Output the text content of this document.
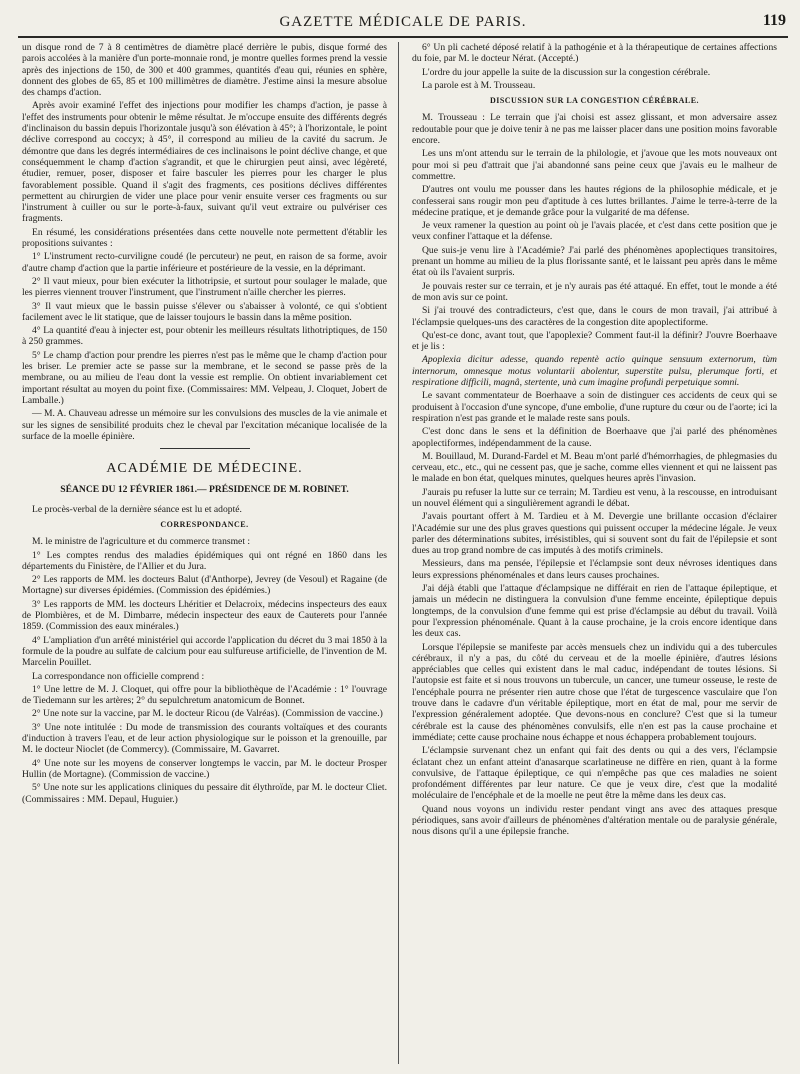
GAZETTE MÉDICALE DE PARIS.	119

un disque rond de 7 à 8 centimètres de diamètre placé derrière le pubis, disque formé des parois accolées à la manière d'un porte-monnaie rond, je montre quelles formes prend la vessie après des injections de 150, de 300 et 400 grammes, quantités d'eau qui, réunies en sphère, donnent des globes de 65, 85 et 100 millimètres de diamètre. J'estime ainsi la mesure absolue des champs d'action.

Après avoir examiné l'effet des injections pour modifier les champs d'action, je passe à l'effet des instruments pour obtenir le même résultat. Je m'occupe ensuite des différents degrés d'inclinaison du bassin depuis l'horizontale jusqu'à son élévation à 45°; à l'horizontale, le point déclive correspond au coccyx; à 45°, il correspond au milieu de la cavité du sacrum. Je démontre que dans les degrés intermédiaires de ces inclinaisons le point déclive change, et que conséquemment le champ d'action s'agrandit, et que le chirurgien peut ainsi, avec légèreté, étudier, remuer, poser, disposer et faire basculer les pierres pour les charger le plus favorablement possible. Quand il s'agit des fragments, ces positions déclives différentes permettent au chirurgien de vider une place pour venir ensuite verser ces fragments ou sur l'instrument à cuiller ou sur le porte-à-faux, suivant qu'il veut extraire ou pulvériser ces fragments.

En résumé, les considérations présentées dans cette nouvelle note permettent d'établir les propositions suivantes :

1° L'instrument recto-curviligne coudé (le percuteur) ne peut, en raison de sa forme, avoir d'autre champ d'action que la partie inférieure et postérieure de la vessie, en la déprimant.

2° Il vaut mieux, pour bien exécuter la lithotripsie, et surtout pour soulager le malade, que les pierres viennent trouver l'instrument, que l'instrument n'aille chercher les pierres.

3° Il vaut mieux que le bassin puisse s'élever ou s'abaisser à volonté, ce qui s'obtient facilement avec le lit statique, que de laisser toujours le bassin dans la même position.

4° La quantité d'eau à injecter est, pour obtenir les meilleurs résultats lithotriptiques, de 150 à 250 grammes.

5° Le champ d'action pour prendre les pierres n'est pas le même que le champ d'action pour les briser. Le premier acte se passe sur la membrane, et le second se passe près de la membrane, ou au milieu de l'eau dont la vessie est remplie. On obtient invariablement cet important résultat au moyen du point fixe. (Commissaires: MM. Velpeau, J. Cloquet, Jobert de Lamballe.)

— M. A. Chauveau adresse un mémoire sur les convulsions des muscles de la vie animale et sur les signes de sensibilité produits chez le cheval par l'excitation mécanique localisée de la surface de la moelle épinière.

ACADÉMIE DE MÉDECINE.
SÉANCE DU 12 FÉVRIER 1861.— PRÉSIDENCE DE M. ROBINET.

Le procès-verbal de la dernière séance est lu et adopté.

CORRESPONDANCE.

M. le ministre de l'agriculture et du commerce transmet :

1° Les comptes rendus des maladies épidémiques qui ont régné en 1860 dans les départements du Finistère, de l'Allier et du Jura.

2° Les rapports de MM. les docteurs Balut (d'Anthorpe), Jevrey (de Vesoul) et Ragaine (de Mortagne) sur diverses épidémies. (Commission des épidémies.)

3° Les rapports de MM. les docteurs Lhéritier et Delacroix, médecins inspecteurs des eaux de Plombières, et de M. Dimbarre, médecin inspecteur des eaux de Cauterets pour l'année 1859. (Commission des eaux minérales.)

4° L'ampliation d'un arrêté ministériel qui accorde l'application du décret du 3 mai 1850 à la formule de la poudre au sulfate de calcium pour eau sulfureuse artificielle, de l'invention de M. Marcelin Pouillet.

La correspondance non officielle comprend :

1° Une lettre de M. J. Cloquet, qui offre pour la bibliothèque de l'Académie : 1° l'ouvrage de Tiedemann sur les artères; 2° du sepulchretum anatomicum de Bonnet.

2° Une note sur la vaccine, par M. le docteur Ricou (de Valréas). (Commission de vaccine.)

3° Une note intitulée : Du mode de transmission des courants voltaïques et des courants d'induction à travers l'eau, et de leur action physiologique sur le poisson et la grenouille, par M. le docteur Nioclet (de Commercy). (Commissaire, M. Gavarret.

4° Une note sur les moyens de conserver longtemps le vaccin, par M. le docteur Prosper Hullin (de Mortagne). (Commission de vaccine.)

5° Une note sur les applications cliniques du pessaire dit élythroïde, par M. le docteur Cliet. (Commissaires : MM. Depaul, Huguier.)

6° Un pli cacheté déposé relatif à la pathogénie et à la thérapeutique de certaines affections du foie, par M. le docteur Nérat. (Accepté.)

L'ordre du jour appelle la suite de la discussion sur la congestion cérébrale.

La parole est à M. Trousseau.

DISCUSSION SUR LA CONGESTION CÉRÉBRALE.

M. Trousseau : Le terrain que j'ai choisi est assez glissant, et mon adversaire assez redoutable pour que je doive tenir à ne pas me laisser placer dans une position moins favorable encore.

Les uns m'ont attendu sur le terrain de la philologie, et j'avoue que les mots nouveaux ont pour moi si peu d'attrait que j'ai abandonné sans peine ceux que j'avais eu le malheur de commettre.

D'autres ont voulu me pousser dans les hautes régions de la philosophie médicale, et je confesserai sans rougir mon peu d'aptitude à ces luttes brillantes. J'aime le terre-à-terre de la médecine pratique, et je demande grâce pour la vulgarité de ma défense.

Je veux ramener la question au point où je l'avais placée, et c'est dans cette position que je veux confiner l'attaque et la défense.

Que suis-je venu lire à l'Académie? J'ai parlé des phénomènes apoplectiques transitoires, prenant un homme au milieu de la plus florissante santé, et le laissant peu après dans le même état où ils l'avaient surpris.

Je pouvais rester sur ce terrain, et je n'y aurais pas été attaqué. En effet, tout le monde a été de mon avis sur ce point.

Si j'ai trouvé des contradicteurs, c'est que, dans le cours de mon travail, j'ai attribué à l'éclampsie quelques-uns des caractères de la congestion dite apoplectiforme.

Qu'est-ce donc, avant tout, que l'apoplexie? Comment faut-il la définir? J'ouvre Boerhaave et je lis :

Apoplexia dicitur adesse, quando repentè actio quinque sensuum externorum, tùm internorum, omnesque motus voluntarii abolentur, superstite pulsu, plerumque forti, et respiratione difficili, magnâ, stertente, unà cum imagine profundi perpetuique somni.

Le savant commentateur de Boerhaave a soin de distinguer ces accidents de ceux qui se produisent à l'occasion d'une syncope, d'une embolie, d'une rupture du cœur ou de l'aorte; ici la respiration n'est pas grande et le malade reste sans pouls.

C'est donc dans le sens et la définition de Boerhaave que j'ai parlé des phénomènes apoplectiformes, indépendamment de la cause.

M. Bouillaud, M. Durand-Fardel et M. Beau m'ont parlé d'hémorrhagies, de phlegmasies du cerveau, etc., etc., qui ne cessent pas, que je sache, comme elles viennent et qui ne laissent pas le malade en bon état, quelques minutes, quelques heures après l'invasion.

J'aurais pu refuser la lutte sur ce terrain; M. Tardieu est venu, à la rescousse, en introduisant un nouvel élément qui a singulièrement agrandi le débat.

J'avais pourtant offert à M. Tardieu et à M. Devergie une brillante occasion d'éclairer l'Académie sur une des plus graves questions qui puissent occuper la médecine légale. Je veux parler des déterminations subites, irrésistibles, qui si souvent sont du fait de l'épilepsie et sont dues au trop grand nombre de cas imputés à des motifs criminels.

Messieurs, dans ma pensée, l'épilepsie et l'éclampsie sont deux névroses identiques dans leurs expressions phénoménales et dans leurs causes prochaines.

J'ai déjà établi que l'attaque d'éclampsique ne différait en rien de l'attaque épileptique, et jamais un médecin ne distinguera la convulsion d'une femme enceinte, épileptique depuis longtemps, de la convulsion d'une femme qui est prise d'éclampsie au début du travail. Voilà pour l'expression phénoménale. Quant à la cause prochaine, je la crois encore identique dans les deux cas.

Lorsque l'épilepsie se manifeste par accès mensuels chez un individu qui a des tubercules cérébraux, il n'y a pas, du côté du cerveau et de la moelle épinière, d'autres lésions appréciables que celles qui existent dans le mal caduc, indépendant de toutes lésions. Si l'autopsie est faite et si nous trouvons un tubercule, un cancer, une tumeur osseuse, le reste de l'encéphale pourra ne présenter rien autre chose que l'état de turgescence vasculaire que l'on trouve dans le cadavre d'un véritable épileptique, mort en état de mal, pour me servir de l'expression généralement adoptée. Que devons-nous en conclure? C'est que si la tumeur cérébrale est la cause des phénomènes convulsifs, elle n'en est pas la cause prochaine et immédiate; cette cause prochaine nous échappe et nous échappera probablement toujours.

L'éclampsie survenant chez un enfant qui fait des dents ou qui a des vers, l'éclampsie éclatant chez un enfant atteint d'anasarque scarlatineuse ne diffère en rien, quant à la forme convulsive, de l'attaque épileptique, ce qui n'empêche pas que ces maladies ne soient profondément différentes par leur nature. Ce que je veux dire, c'est que la modalité moléculaire de l'encéphale et de la moelle ne peut être la même dans les deux cas.

Quand nous voyons un individu rester pendant vingt ans avec des attaques presque périodiques, sans avoir d'ailleurs de phénomènes d'altération mentale ou de paralysie générale, nous disons qu'il a une épilepsie franche.
